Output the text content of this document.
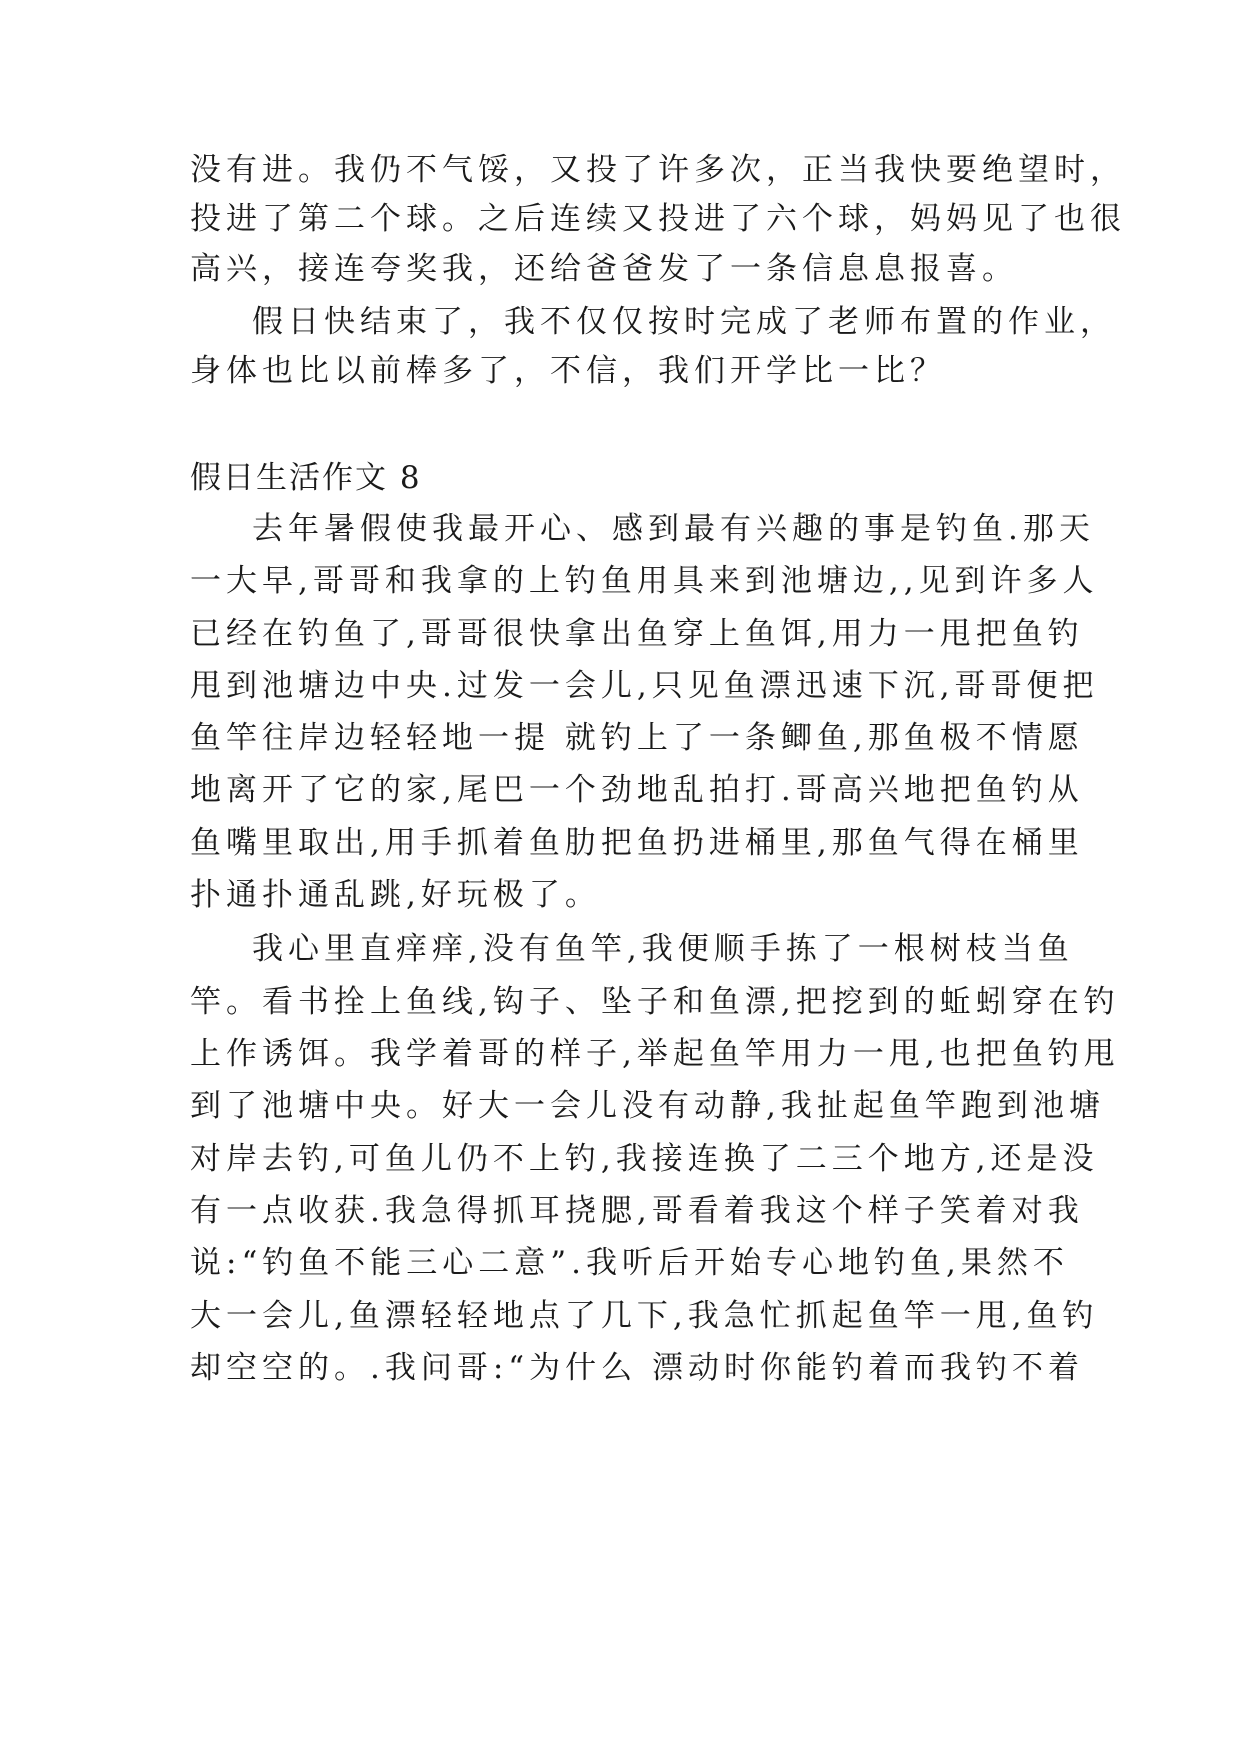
没有进。我仍不气馁，又投了许多次，正当我快要绝望时，
投进了第二个球。之后连续又投进了六个球，妈妈见了也很
高兴，接连夸奖我，还给爸爸发了一条信息息报喜。
假日快结束了，我不仅仅按时完成了老师布置的作业，
身体也比以前棒多了，不信，我们开学比一比？
假日生活作文 8
去年暑假使我最开心、感到最有兴趣的事是钓鱼.那天
一大早,哥哥和我拿的上钓鱼用具来到池塘边,,见到许多人
已经在钓鱼了,哥哥很快拿出鱼穿上鱼饵,用力一甩把鱼钓
甩到池塘边中央.过发一会儿,只见鱼漂迅速下沉,哥哥便把
鱼竿往岸边轻轻地一提 就钓上了一条鲫鱼,那鱼极不情愿
地离开了它的家,尾巴一个劲地乱拍打.哥高兴地把鱼钓从
鱼嘴里取出,用手抓着鱼肋把鱼扔进桶里,那鱼气得在桶里
扑通扑通乱跳,好玩极了。
我心里直痒痒,没有鱼竿,我便顺手拣了一根树枝当鱼
竿。看书拴上鱼线,钩子、坠子和鱼漂,把挖到的蚯蚓穿在钓
上作诱饵。我学着哥的样子,举起鱼竿用力一甩,也把鱼钓甩
到了池塘中央。好大一会儿没有动静,我扯起鱼竿跑到池塘
对岸去钓,可鱼儿仍不上钓,我接连换了二三个地方,还是没
有一点收获.我急得抓耳挠腮,哥看着我这个样子笑着对我
说:“钓鱼不能三心二意”.我听后开始专心地钓鱼,果然不
大一会儿,鱼漂轻轻地点了几下,我急忙抓起鱼竿一甩,鱼钓
却空空的。.我问哥:“为什么 漂动时你能钓着而我钓不着
